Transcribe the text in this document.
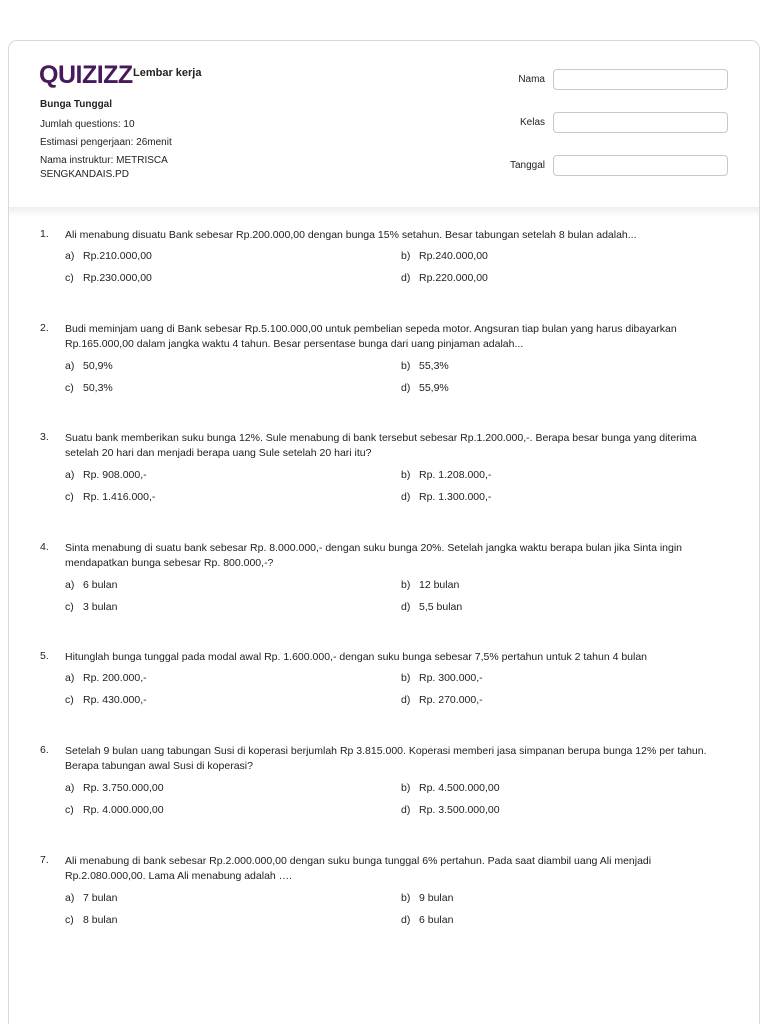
QUIZIZZ Lembar kerja
Bunga Tunggal
Jumlah questions: 10
Estimasi pengerjaan: 26menit
Nama instruktur: METRISCA SENGKANDAIS.PD
Nama
Kelas
Tanggal
1. Ali menabung disuatu Bank sebesar Rp.200.000,00 dengan bunga 15% setahun. Besar tabungan setelah 8 bulan adalah...
a) Rp.210.000,00	b) Rp.240.000,00
c) Rp.230.000,00	d) Rp.220.000,00
2. Budi meminjam uang di Bank sebesar Rp.5.100.000,00 untuk pembelian sepeda motor. Angsuran tiap bulan yang harus dibayarkan Rp.165.000,00 dalam jangka waktu 4 tahun. Besar persentase bunga dari uang pinjaman adalah...
a) 50,9%	b) 55,3%
c) 50,3%	d) 55,9%
3. Suatu bank memberikan suku bunga 12%. Sule menabung di bank tersebut sebesar Rp.1.200.000,-. Berapa besar bunga yang diterima setelah 20 hari dan menjadi berapa uang Sule setelah 20 hari itu?
a) Rp. 908.000,-	b) Rp. 1.208.000,-
c) Rp. 1.416.000,-	d) Rp. 1.300.000,-
4. Sinta menabung di suatu bank sebesar Rp. 8.000.000,- dengan suku bunga 20%. Setelah jangka waktu berapa bulan jika Sinta ingin mendapatkan bunga sebesar Rp. 800.000,-?
a) 6 bulan	b) 12 bulan
c) 3 bulan	d) 5,5 bulan
5. Hitunglah bunga tunggal pada modal awal Rp. 1.600.000,- dengan suku bunga sebesar 7,5% pertahun untuk 2 tahun 4 bulan
a) Rp. 200.000,-	b) Rp. 300.000,-
c) Rp. 430.000,-	d) Rp. 270.000,-
6. Setelah 9 bulan uang tabungan Susi di koperasi berjumlah Rp 3.815.000. Koperasi memberi jasa simpanan berupa bunga 12% per tahun. Berapa tabungan awal Susi di koperasi?
a) Rp. 3.750.000,00	b) Rp. 4.500.000,00
c) Rp. 4.000.000,00	d) Rp. 3.500.000,00
7. Ali menabung di bank sebesar Rp.2.000.000,00 dengan suku bunga tunggal 6% pertahun. Pada saat diambil uang Ali menjadi Rp.2.080.000,00. Lama Ali menabung adalah ….
a) 7 bulan	b) 9 bulan
c) 8 bulan	d) 6 bulan
